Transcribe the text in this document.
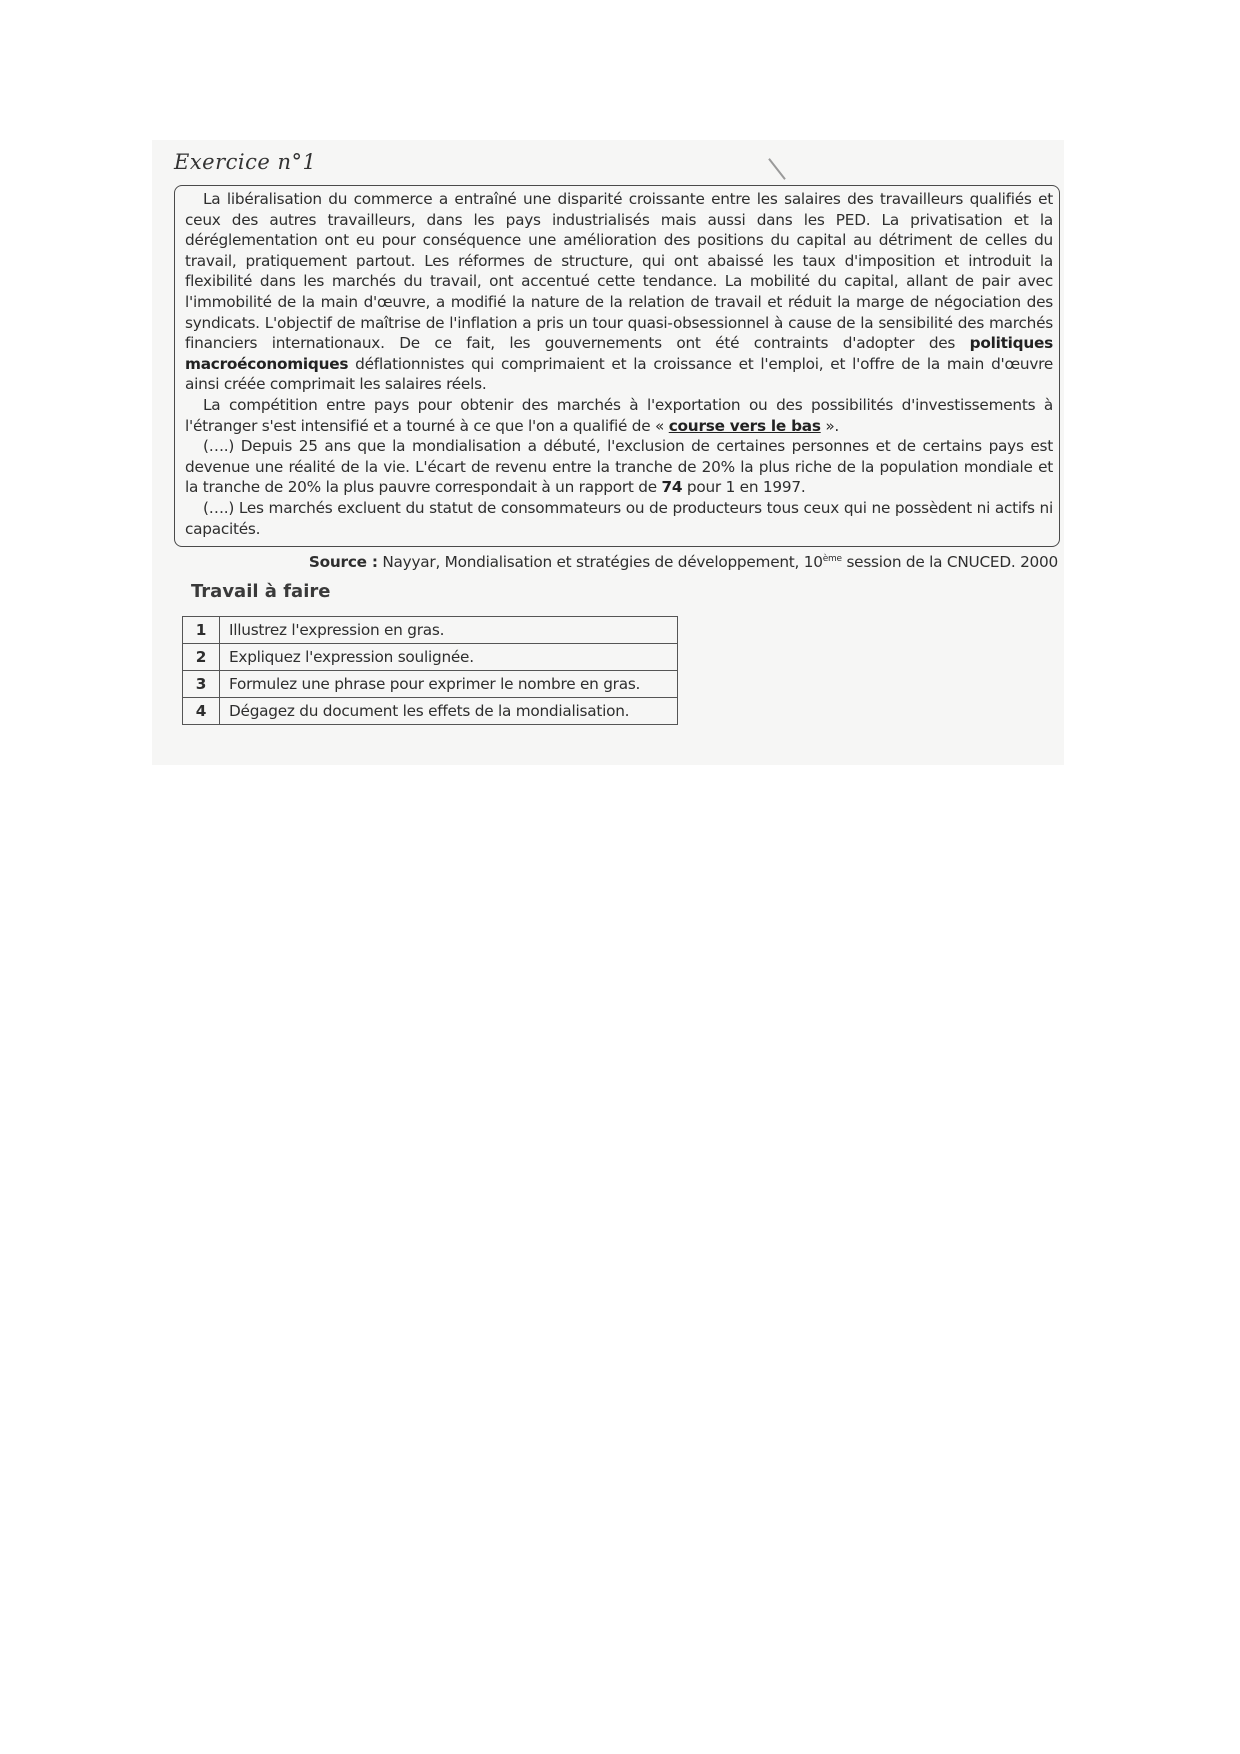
Exercice n°1

La libéralisation du commerce a entraîné une disparité croissante entre les salaires des travailleurs qualifiés et ceux des autres travailleurs, dans les pays industrialisés mais aussi dans les PED. La privatisation et la déréglementation ont eu pour conséquence une amélioration des positions du capital au détriment de celles du travail, pratiquement partout. Les réformes de structure, qui ont abaissé les taux d'imposition et introduit la flexibilité dans les marchés du travail, ont accentué cette tendance. La mobilité du capital, allant de pair avec l'immobilité de la main d'œuvre, a modifié la nature de la relation de travail et réduit la marge de négociation des syndicats. L'objectif de maîtrise de l'inflation a pris un tour quasi-obsessionnel à cause de la sensibilité des marchés financiers internationaux. De ce fait, les gouvernements ont été contraints d'adopter des politiques macroéconomiques déflationnistes qui comprimaient et la croissance et l'emploi, et l'offre de la main d'œuvre ainsi créée comprimait les salaires réels.

La compétition entre pays pour obtenir des marchés à l'exportation ou des possibilités d'investissements à l'étranger s'est intensifié et a tourné à ce que l'on a qualifié de « course vers le bas ».

(….) Depuis 25 ans que la mondialisation a débuté, l'exclusion de certaines personnes et de certains pays est devenue une réalité de la vie. L'écart de revenu entre la tranche de 20% la plus riche de la population mondiale et la tranche de 20% la plus pauvre correspondait à un rapport de 74 pour 1 en 1997.

(….) Les marchés excluent du statut de consommateurs ou de producteurs tous ceux qui ne possèdent ni actifs ni capacités.

Source : Nayyar, Mondialisation et stratégies de développement, 10ème session de la CNUCED. 2000

Travail à faire
1	Illustrez l'expression en gras.
2	Expliquez l'expression soulignée.
3	Formulez une phrase pour exprimer le nombre en gras.
4	Dégagez du document les effets de la mondialisation.
